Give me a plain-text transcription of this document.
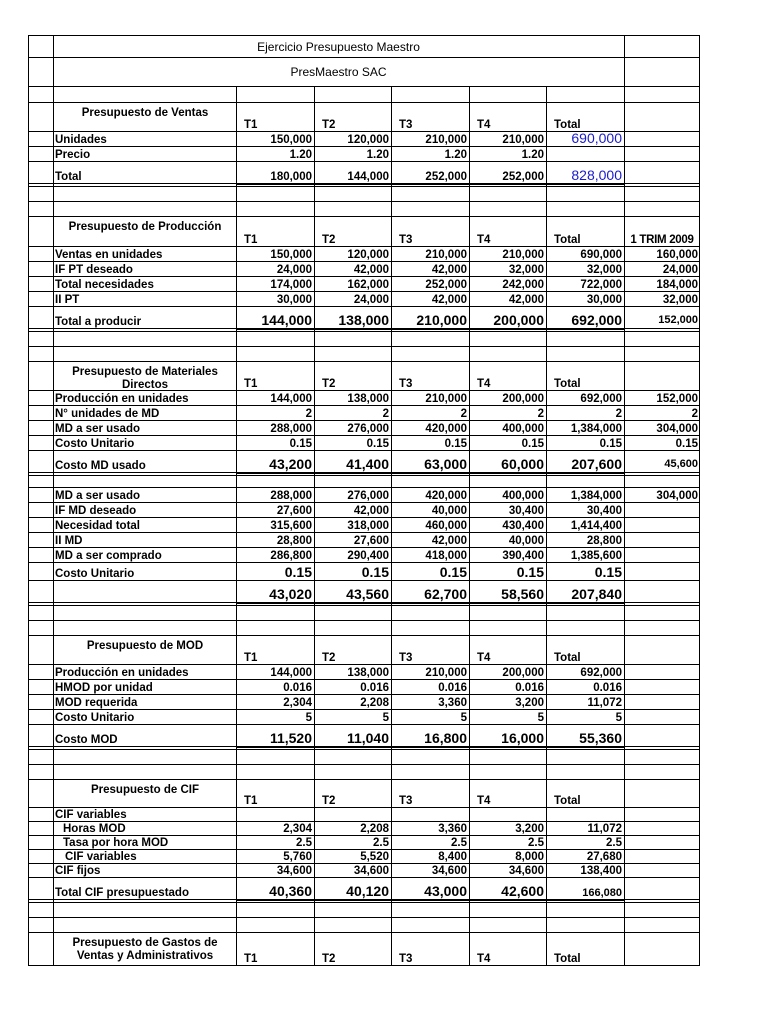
Ejercicio Presupuesto Maestro
PresMaestro SAC
Presupuesto de Ventas
T1	T2	T3	T4	Total
Unidades	150,000	120,000	210,000	210,000	690,000
Precio	1.20	1.20	1.20	1.20
Total	180,000	144,000	252,000	252,000	828,000
Presupuesto de Producción
T1	T2	T3	T4	Total	1 TRIM 2009
Ventas en unidades	150,000	120,000	210,000	210,000	690,000	160,000
IF PT deseado	24,000	42,000	42,000	32,000	32,000	24,000
Total necesidades	174,000	162,000	252,000	242,000	722,000	184,000
II PT	30,000	24,000	42,000	42,000	30,000	32,000
Total a producir	144,000	138,000	210,000	200,000	692,000	152,000
Presupuesto de Materiales Directos	T1	T2	T3	T4	Total
Producción en unidades	144,000	138,000	210,000	200,000	692,000	152,000
N° unidades de MD	2	2	2	2	2	2
MD a ser usado	288,000	276,000	420,000	400,000	1,384,000	304,000
Costo Unitario	0.15	0.15	0.15	0.15	0.15	0.15
Costo MD usado	43,200	41,400	63,000	60,000	207,600	45,600
MD a ser usado	288,000	276,000	420,000	400,000	1,384,000	304,000
IF MD deseado	27,600	42,000	40,000	30,400	30,400
Necesidad total	315,600	318,000	460,000	430,400	1,414,400
II MD	28,800	27,600	42,000	40,000	28,800
MD a ser comprado	286,800	290,400	418,000	390,400	1,385,600
Costo Unitario	0.15	0.15	0.15	0.15	0.15
43,020	43,560	62,700	58,560	207,840
Presupuesto de MOD
T1	T2	T3	T4	Total
Producción en unidades	144,000	138,000	210,000	200,000	692,000
HMOD por unidad	0.016	0.016	0.016	0.016	0.016
MOD requerida	2,304	2,208	3,360	3,200	11,072
Costo Unitario	5	5	5	5	5
Costo MOD	11,520	11,040	16,800	16,000	55,360
Presupuesto de CIF
T1	T2	T3	T4	Total
CIF variables
Horas MOD	2,304	2,208	3,360	3,200	11,072
Tasa por hora MOD	2.5	2.5	2.5	2.5	2.5
CIF variables	5,760	5,520	8,400	8,000	27,680
CIF fijos	34,600	34,600	34,600	34,600	138,400
Total CIF presupuestado	40,360	40,120	43,000	42,600	166,080
Presupuesto de Gastos de Ventas y Administrativos	T1	T2	T3	T4	Total
